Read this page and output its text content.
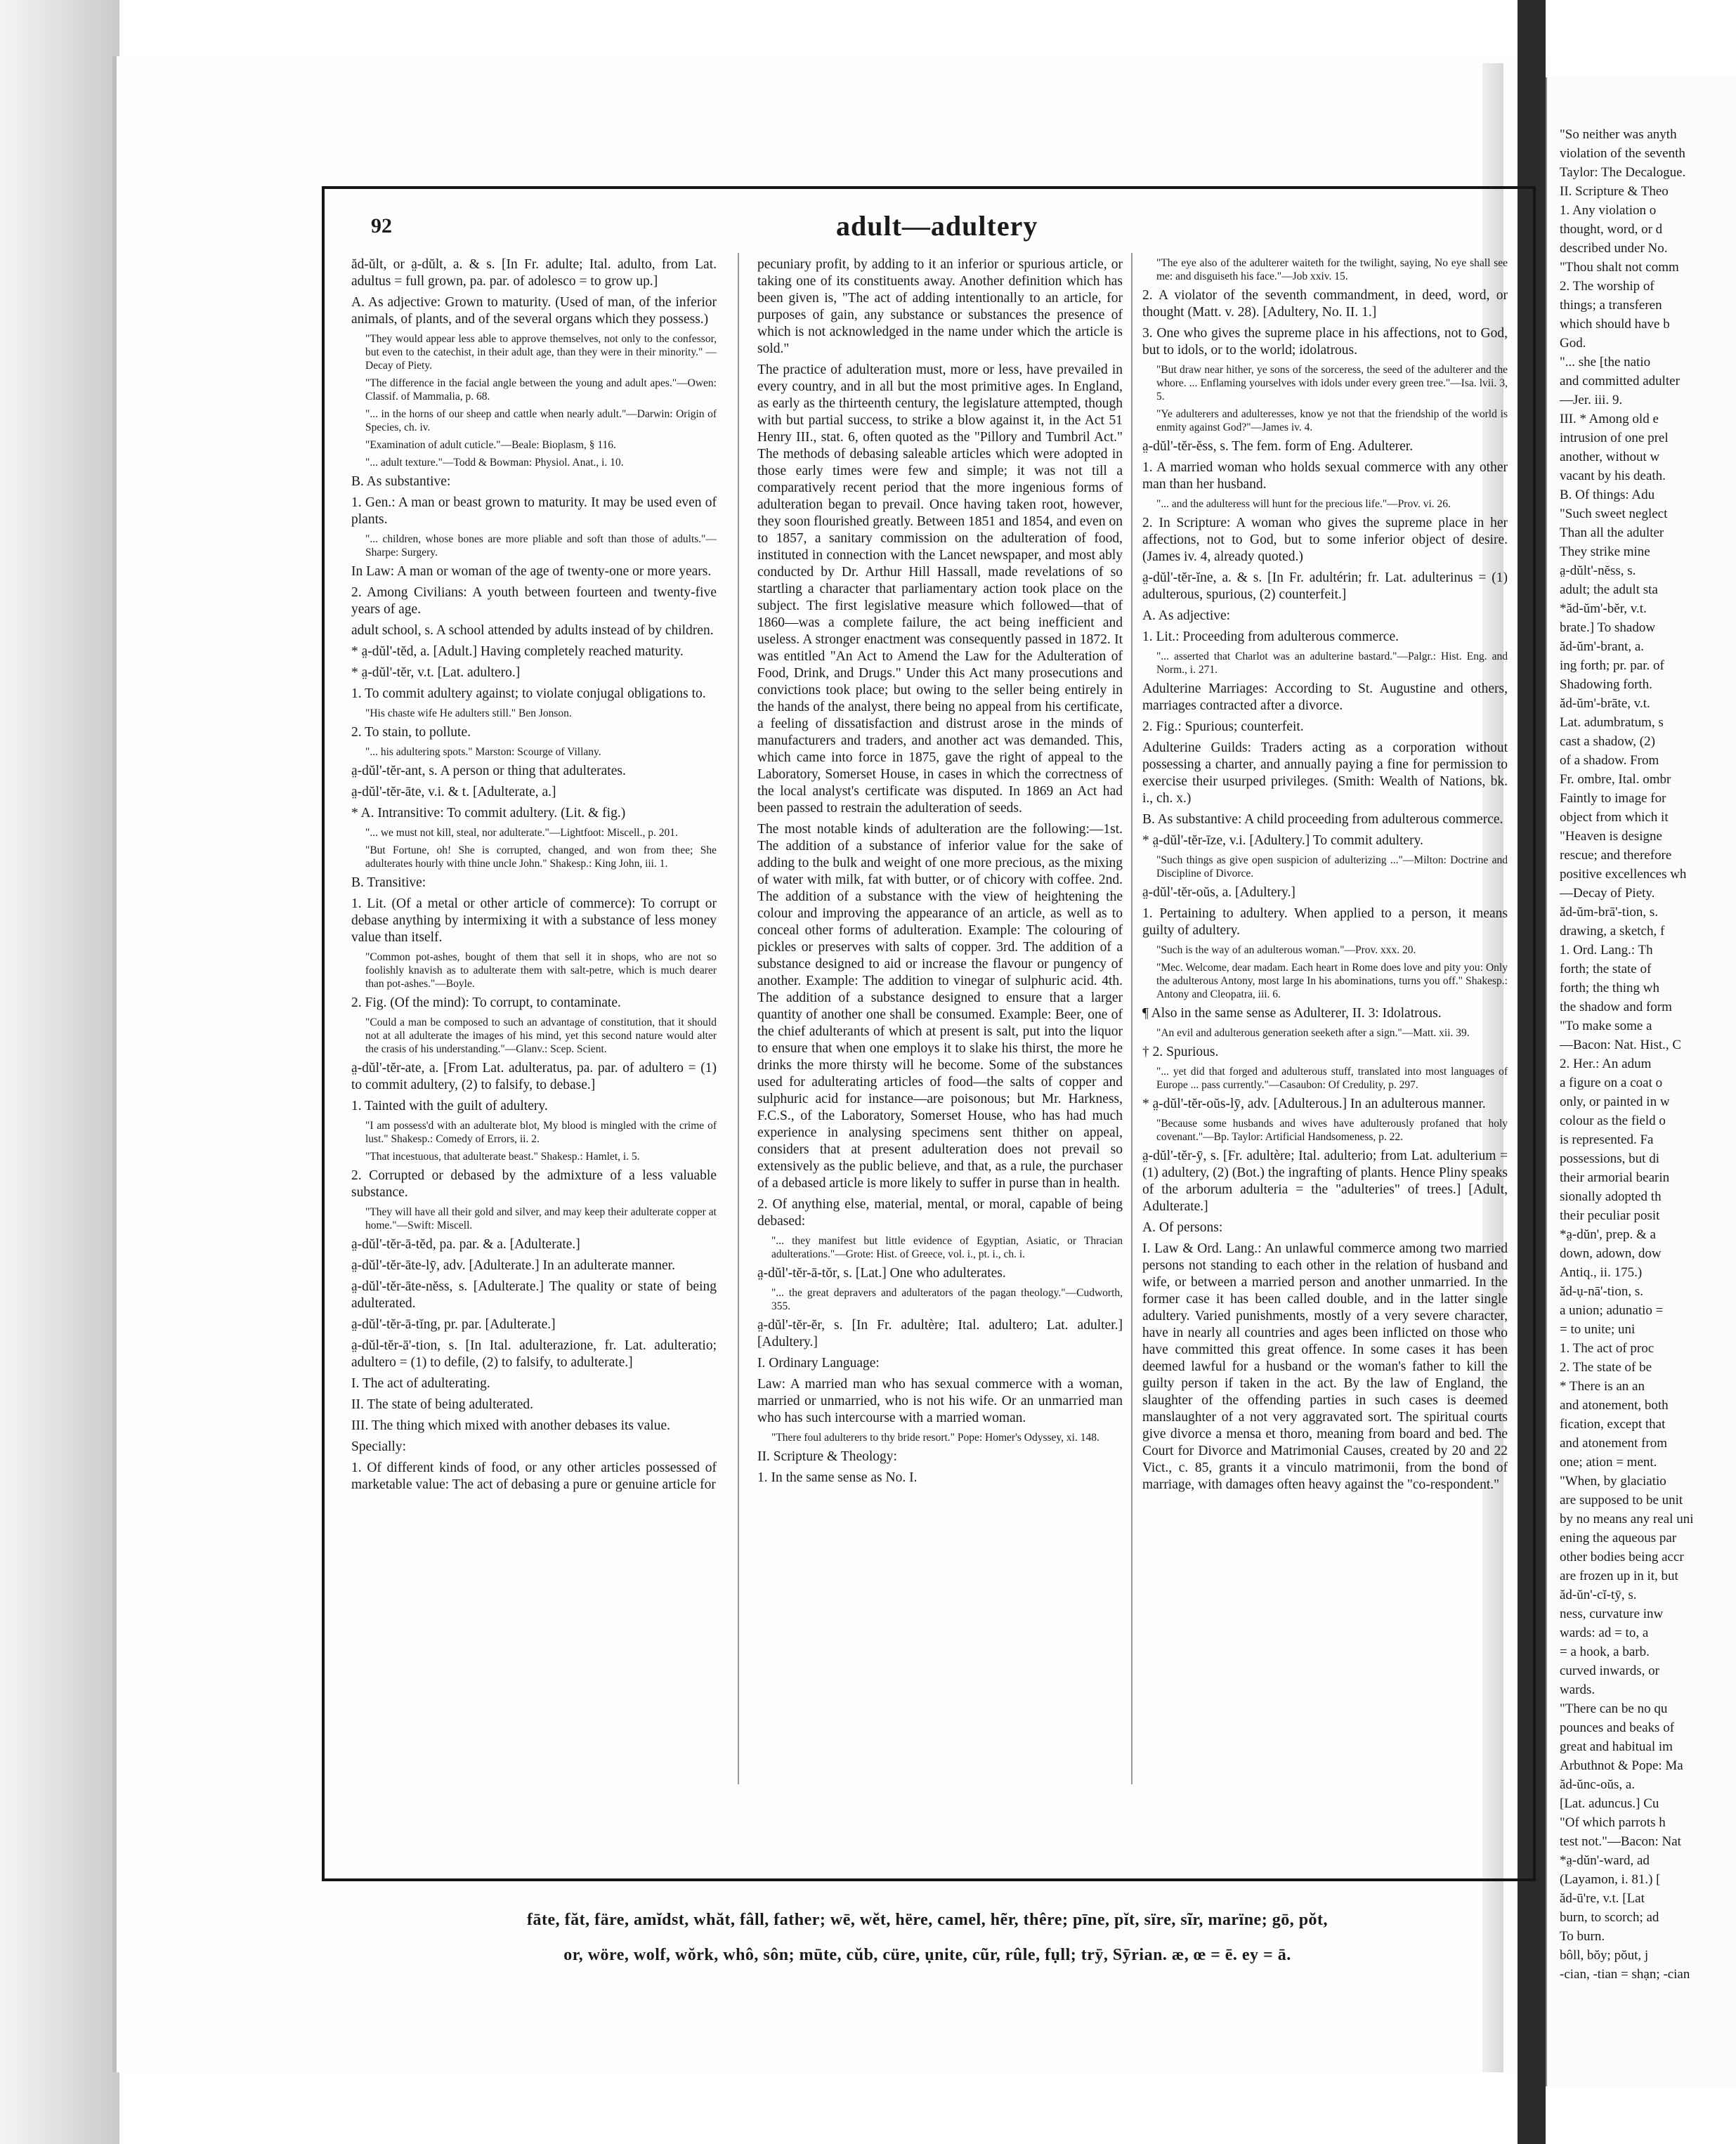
"So neither was anyth
violation of the seventh
Taylor: The Decalogue.
II. Scripture & Theo
1. Any violation o
thought, word, or d
described under No.
"Thou shalt not comm
2. The worship of
things; a transferen
which should have b
God.
"... she [the natio
and committed adulter
—Jer. iii. 9.
III. * Among old e
intrusion of one prel
another, without w
vacant by his death.
B. Of things: Adu
"Such sweet neglect
Than all the adulter
They strike mine
a̤-dŭlt'-nĕss, s.
adult; the adult sta
*ăd-ŭm'-bĕr, v.t.
brate.] To shadow
ăd-ŭm'-brant, a.
ing forth; pr. par. of
Shadowing forth.
ăd-ŭm'-brāte, v.t.
Lat. adumbratum, s
cast a shadow, (2)
of a shadow. From
Fr. ombre, Ital. ombr
Faintly to image for
object from which it
"Heaven is designe
rescue; and therefore
positive excellences wh
—Decay of Piety.
ăd-ŭm-brā'-tion, s.
drawing, a sketch, f
1. Ord. Lang.: Th
forth; the state of
forth; the thing wh
the shadow and form
"To make some a
—Bacon: Nat. Hist., C
2. Her.: An adum
a figure on a coat o
only, or painted in w
colour as the field o
is represented. Fa
possessions, but di
their armorial bearin
sionally adopted th
their peculiar posit
*a̤-dŭn', prep. & a
down, adown, dow
Antiq., ii. 175.)
ăd-ụ-nā'-tion, s.
a union; adunatio =
= to unite; uni
1. The act of proc
2. The state of be
* There is an an
and atonement, both
fication, except that
and atonement from
one; ation = ment.
"When, by glaciatio
are supposed to be unit
by no means any real uni
ening the aqueous par
other bodies being accr
are frozen up in it, but
ăd-ŭn'-cĭ-tȳ, s.
ness, curvature inw
wards: ad = to, a
= a hook, a barb.
curved inwards, or
wards.
"There can be no qu
pounces and beaks of
great and habitual im
Arbuthnot & Pope: Ma
ăd-ŭnc-oŭs, a.
[Lat. aduncus.] Cu
"Of which parrots h
test not."—Bacon: Nat
*a̤-dŭn'-ward, ad
(Layamon, i. 81.) [
ăd-ū're, v.t. [Lat
burn, to scorch; ad
To burn.
bôll, bŏy; pŏut, j
-cian, -tian = shạn; -cian
92	adult—adultery

ăd-ŭlt, or a̤-dŭlt, a. & s. [In Fr. adulte; Ital. adulto, from Lat. adultus = full grown, pa. par. of adolesco = to grow up.]

A. As adjective: Grown to maturity. (Used of man, of the inferior animals, of plants, and of the several organs which they possess.)

"They would appear less able to approve themselves, not only to the confessor, but even to the catechist, in their adult age, than they were in their minority." —Decay of Piety.

"The difference in the facial angle between the young and adult apes."—Owen: Classif. of Mammalia, p. 68.

"... in the horns of our sheep and cattle when nearly adult."—Darwin: Origin of Species, ch. iv.

"Examination of adult cuticle."—Beale: Bioplasm, § 116.

"... adult texture."—Todd & Bowman: Physiol. Anat., i. 10.

B. As substantive:

1. Gen.: A man or beast grown to maturity. It may be used even of plants.

"... children, whose bones are more pliable and soft than those of adults."—Sharpe: Surgery.

In Law: A man or woman of the age of twenty-one or more years.

2. Among Civilians: A youth between fourteen and twenty-five years of age.

adult school, s. A school attended by adults instead of by children.

* a̤-dŭl'-tĕd, a. [Adult.] Having completely reached maturity.

* a̤-dŭl'-tĕr, v.t. [Lat. adultero.]

1. To commit adultery against; to violate conjugal obligations to.

"His chaste wife He adulters still." Ben Jonson.

2. To stain, to pollute.

"... his adultering spots." Marston: Scourge of Villany.

a̤-dŭl'-tĕr-ant, s. A person or thing that adulterates.

a̤-dŭl'-tĕr-āte, v.i. & t. [Adulterate, a.]

* A. Intransitive: To commit adultery. (Lit. & fig.)

"... we must not kill, steal, nor adulterate."—Lightfoot: Miscell., p. 201.

"But Fortune, oh! She is corrupted, changed, and won from thee; She adulterates hourly with thine uncle John." Shakesp.: King John, iii. 1.

B. Transitive:

1. Lit. (Of a metal or other article of commerce): To corrupt or debase anything by intermixing it with a substance of less money value than itself.

"Common pot-ashes, bought of them that sell it in shops, who are not so foolishly knavish as to adulterate them with salt-petre, which is much dearer than pot-ashes."—Boyle.

2. Fig. (Of the mind): To corrupt, to contaminate.

"Could a man be composed to such an advantage of constitution, that it should not at all adulterate the images of his mind, yet this second nature would alter the crasis of his understanding."—Glanv.: Scep. Scient.

a̤-dŭl'-tĕr-ate, a. [From Lat. adulteratus, pa. par. of adultero = (1) to commit adultery, (2) to falsify, to debase.]

1. Tainted with the guilt of adultery.

"I am possess'd with an adulterate blot, My blood is mingled with the crime of lust." Shakesp.: Comedy of Errors, ii. 2.

"That incestuous, that adulterate beast." Shakesp.: Hamlet, i. 5.

2. Corrupted or debased by the admixture of a less valuable substance.

"They will have all their gold and silver, and may keep their adulterate copper at home."—Swift: Miscell.

a̤-dŭl'-tĕr-ā-tĕd, pa. par. & a. [Adulterate.]

a̤-dŭl'-tĕr-āte-lȳ, adv. [Adulterate.] In an adulterate manner.

a̤-dŭl'-tĕr-āte-nĕss, s. [Adulterate.] The quality or state of being adulterated.

a̤-dŭl'-tĕr-ā-tĭng, pr. par. [Adulterate.]

a̤-dŭl-tĕr-ā'-tion, s. [In Ital. adulterazione, fr. Lat. adulteratio; adultero = (1) to defile, (2) to falsify, to adulterate.]

I. The act of adulterating.

II. The state of being adulterated.

III. The thing which mixed with another debases its value.

Specially:

1. Of different kinds of food, or any other articles possessed of marketable value: The act of debasing a pure or genuine article for

pecuniary profit, by adding to it an inferior or spurious article, or taking one of its constituents away. Another definition which has been given is, "The act of adding intentionally to an article, for purposes of gain, any substance or substances the presence of which is not acknowledged in the name under which the article is sold."

The practice of adulteration must, more or less, have prevailed in every country, and in all but the most primitive ages. In England, as early as the thirteenth century, the legislature attempted, though with but partial success, to strike a blow against it, in the Act 51 Henry III., stat. 6, often quoted as the "Pillory and Tumbril Act." The methods of debasing saleable articles which were adopted in those early times were few and simple; it was not till a comparatively recent period that the more ingenious forms of adulteration began to prevail. Once having taken root, however, they soon flourished greatly. Between 1851 and 1854, and even on to 1857, a sanitary commission on the adulteration of food, instituted in connection with the Lancet newspaper, and most ably conducted by Dr. Arthur Hill Hassall, made revelations of so startling a character that parliamentary action took place on the subject. The first legislative measure which followed—that of 1860—was a complete failure, the act being inefficient and useless. A stronger enactment was consequently passed in 1872. It was entitled "An Act to Amend the Law for the Adulteration of Food, Drink, and Drugs." Under this Act many prosecutions and convictions took place; but owing to the seller being entirely in the hands of the analyst, there being no appeal from his certificate, a feeling of dissatisfaction and distrust arose in the minds of manufacturers and traders, and another act was demanded. This, which came into force in 1875, gave the right of appeal to the Laboratory, Somerset House, in cases in which the correctness of the local analyst's certificate was disputed. In 1869 an Act had been passed to restrain the adulteration of seeds.

The most notable kinds of adulteration are the following:—1st. The addition of a substance of inferior value for the sake of adding to the bulk and weight of one more precious, as the mixing of water with milk, fat with butter, or of chicory with coffee. 2nd. The addition of a substance with the view of heightening the colour and improving the appearance of an article, as well as to conceal other forms of adulteration. Example: The colouring of pickles or preserves with salts of copper. 3rd. The addition of a substance designed to aid or increase the flavour or pungency of another. Example: The addition to vinegar of sulphuric acid. 4th. The addition of a substance designed to ensure that a larger quantity of another one shall be consumed. Example: Beer, one of the chief adulterants of which at present is salt, put into the liquor to ensure that when one employs it to slake his thirst, the more he drinks the more thirsty will he become. Some of the substances used for adulterating articles of food—the salts of copper and sulphuric acid for instance—are poisonous; but Mr. Harkness, F.C.S., of the Laboratory, Somerset House, who has had much experience in analysing specimens sent thither on appeal, considers that at present adulteration does not prevail so extensively as the public believe, and that, as a rule, the purchaser of a debased article is more likely to suffer in purse than in health.

2. Of anything else, material, mental, or moral, capable of being debased:

"... they manifest but little evidence of Egyptian, Asiatic, or Thracian adulterations."—Grote: Hist. of Greece, vol. i., pt. i., ch. i.

a̤-dŭl'-tĕr-ā-tŏr, s. [Lat.] One who adulterates.

"... the great depravers and adulterators of the pagan theology."—Cudworth, 355.

a̤-dŭl'-tĕr-ĕr, s. [In Fr. adultère; Ital. adultero; Lat. adulter.] [Adultery.]

I. Ordinary Language:

Law: A married man who has sexual commerce with a woman, married or unmarried, who is not his wife. Or an unmarried man who has such intercourse with a married woman.

"There foul adulterers to thy bride resort." Pope: Homer's Odyssey, xi. 148.

II. Scripture & Theology:

1. In the same sense as No. I.

"The eye also of the adulterer waiteth for the twilight, saying, No eye shall see me: and disguiseth his face."—Job xxiv. 15.

2. A violator of the seventh commandment, in deed, word, or thought (Matt. v. 28). [Adultery, No. II. 1.]

3. One who gives the supreme place in his affections, not to God, but to idols, or to the world; idolatrous.

"But draw near hither, ye sons of the sorceress, the seed of the adulterer and the whore. ... Enflaming yourselves with idols under every green tree."—Isa. lvii. 3, 5.

"Ye adulterers and adulteresses, know ye not that the friendship of the world is enmity against God?"—James iv. 4.

a̤-dŭl'-tĕr-ĕss, s. The fem. form of Eng. Adulterer.

1. A married woman who holds sexual commerce with any other man than her husband.

"... and the adulteress will hunt for the precious life."—Prov. vi. 26.

2. In Scripture: A woman who gives the supreme place in her affections, not to God, but to some inferior object of desire. (James iv. 4, already quoted.)

a̤-dŭl'-tĕr-ĭne, a. & s. [In Fr. adultérin; fr. Lat. adulterinus = (1) adulterous, spurious, (2) counterfeit.]

A. As adjective:

1. Lit.: Proceeding from adulterous commerce.

"... asserted that Charlot was an adulterine bastard."—Palgr.: Hist. Eng. and Norm., i. 271.

Adulterine Marriages: According to St. Augustine and others, marriages contracted after a divorce.

2. Fig.: Spurious; counterfeit.

Adulterine Guilds: Traders acting as a corporation without possessing a charter, and annually paying a fine for permission to exercise their usurped privileges. (Smith: Wealth of Nations, bk. i., ch. x.)

B. As substantive: A child proceeding from adulterous commerce.

* a̤-dŭl'-tĕr-īze, v.i. [Adultery.] To commit adultery.

"Such things as give open suspicion of adulterizing ..."—Milton: Doctrine and Discipline of Divorce.

a̤-dŭl'-tĕr-oŭs, a. [Adultery.]

1. Pertaining to adultery. When applied to a person, it means guilty of adultery.

"Such is the way of an adulterous woman."—Prov. xxx. 20.

"Mec. Welcome, dear madam. Each heart in Rome does love and pity you: Only the adulterous Antony, most large In his abominations, turns you off." Shakesp.: Antony and Cleopatra, iii. 6.

¶ Also in the same sense as Adulterer, II. 3: Idolatrous.

"An evil and adulterous generation seeketh after a sign."—Matt. xii. 39.

† 2. Spurious.

"... yet did that forged and adulterous stuff, translated into most languages of Europe ... pass currently."—Casaubon: Of Credulity, p. 297.

* a̤-dŭl'-tĕr-oŭs-lȳ, adv. [Adulterous.] In an adulterous manner.

"Because some husbands and wives have adulterously profaned that holy covenant."—Bp. Taylor: Artificial Handsomeness, p. 22.

a̤-dŭl'-tĕr-ȳ, s. [Fr. adultère; Ital. adulterio; from Lat. adulterium = (1) adultery, (2) (Bot.) the ingrafting of plants. Hence Pliny speaks of the arborum adulteria = the "adulteries" of trees.] [Adult, Adulterate.]

A. Of persons:

I. Law & Ord. Lang.: An unlawful commerce among two married persons not standing to each other in the relation of husband and wife, or between a married person and another unmarried. In the former case it has been called double, and in the latter single adultery. Varied punishments, mostly of a very severe character, have in nearly all countries and ages been inflicted on those who have committed this great offence. In some cases it has been deemed lawful for a husband or the woman's father to kill the guilty person if taken in the act. By the law of England, the slaughter of the offending parties in such cases is deemed manslaughter of a not very aggravated sort. The spiritual courts give divorce a mensa et thoro, meaning from board and bed. The Court for Divorce and Matrimonial Causes, created by 20 and 22 Vict., c. 85, grants it a vinculo matrimonii, from the bond of marriage, with damages often heavy against the "co-respondent."

fāte, făt, färe, amĭdst, whăt, fâll, father; wē, wĕt, hëre, camel, hẽr, thêre; pīne, pĭt, sïre, sĩr, marïne; gō, pŏt,
or, wöre, wolf, wŏrk, whô, sôn; mūte, cŭb, cüre, ụnite, cũr, rûle, fụll; trȳ, Sȳrian. æ, œ = ē. ey = ā.
